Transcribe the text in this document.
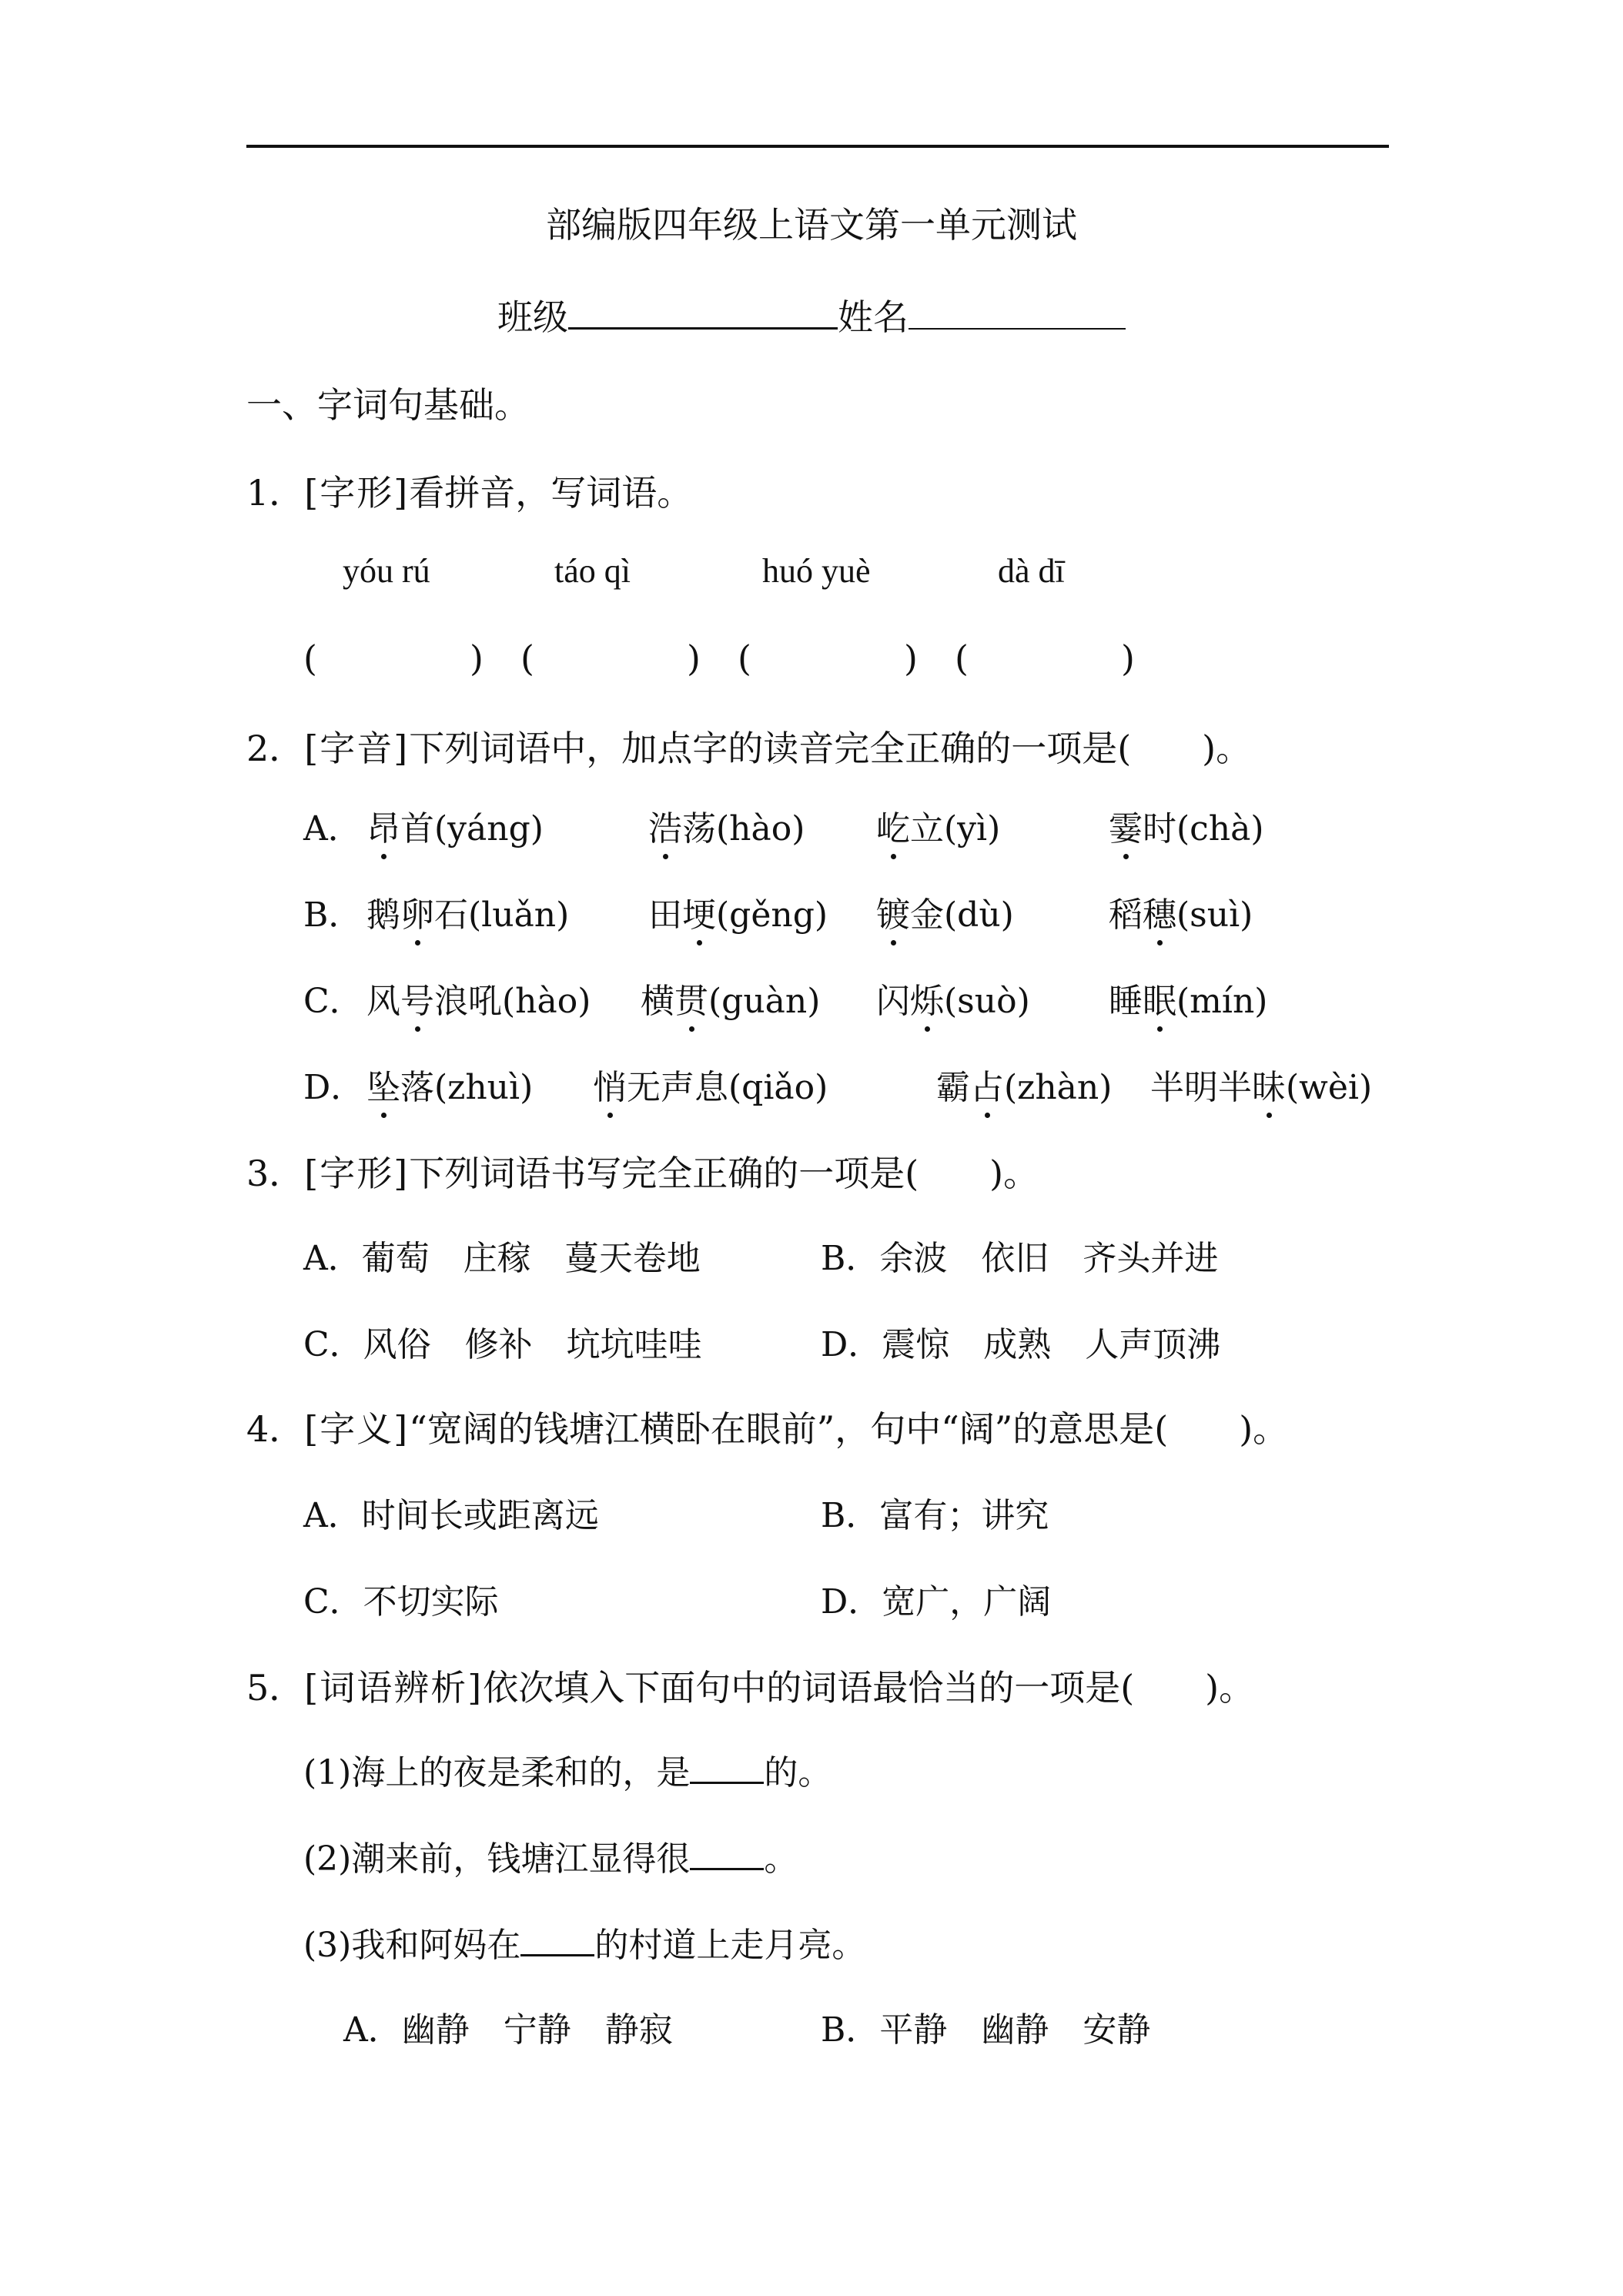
部编版四年级上语文第一单元测试
班级	姓名
一、字词句基础。
1．[字形]看拼音，写词语。
yóu rú	táo qì	huó yuè	dà dī
(	) (	) (	) (	)
2．[字音]下列词语中，加点字的读音完全正确的一项是(　　)。
A． 昂首(yáng)	浩荡(hào) 屹立(yì)	霎时(chà)
B． 鹅卵石(luǎn) 田埂(gěng) 镀金(dù)	稻穗(suì)
C． 风号浪吼(hào) 横贯(guàn) 闪烁(suò) 睡眠(mín)
D． 坠落(zhuì) 悄无声息(qiǎo)	霸占(zhàn) 半明半昧(wèi)
3．[字形]下列词语书写完全正确的一项是(　　)。
A．葡萄　庄稼　蔓天卷地	B．余波　依旧　齐头并进
C．风俗　修补　坑坑哇哇	D．震惊　成熟　人声顶沸
4．[字义]“宽阔的钱塘江横卧在眼前”，句中“阔”的意思是(　　)。
A．时间长或距离远	B．富有；讲究
C．不切实际	D．宽广，广阔
5．[词语辨析]依次填入下面句中的词语最恰当的一项是(　　)。
(1)海上的夜是柔和的，是 的。
(2)潮来前，钱塘江显得很 。
(3)我和阿妈在 的村道上走月亮。
A．幽静　宁静　静寂	B．平静　幽静　安静
